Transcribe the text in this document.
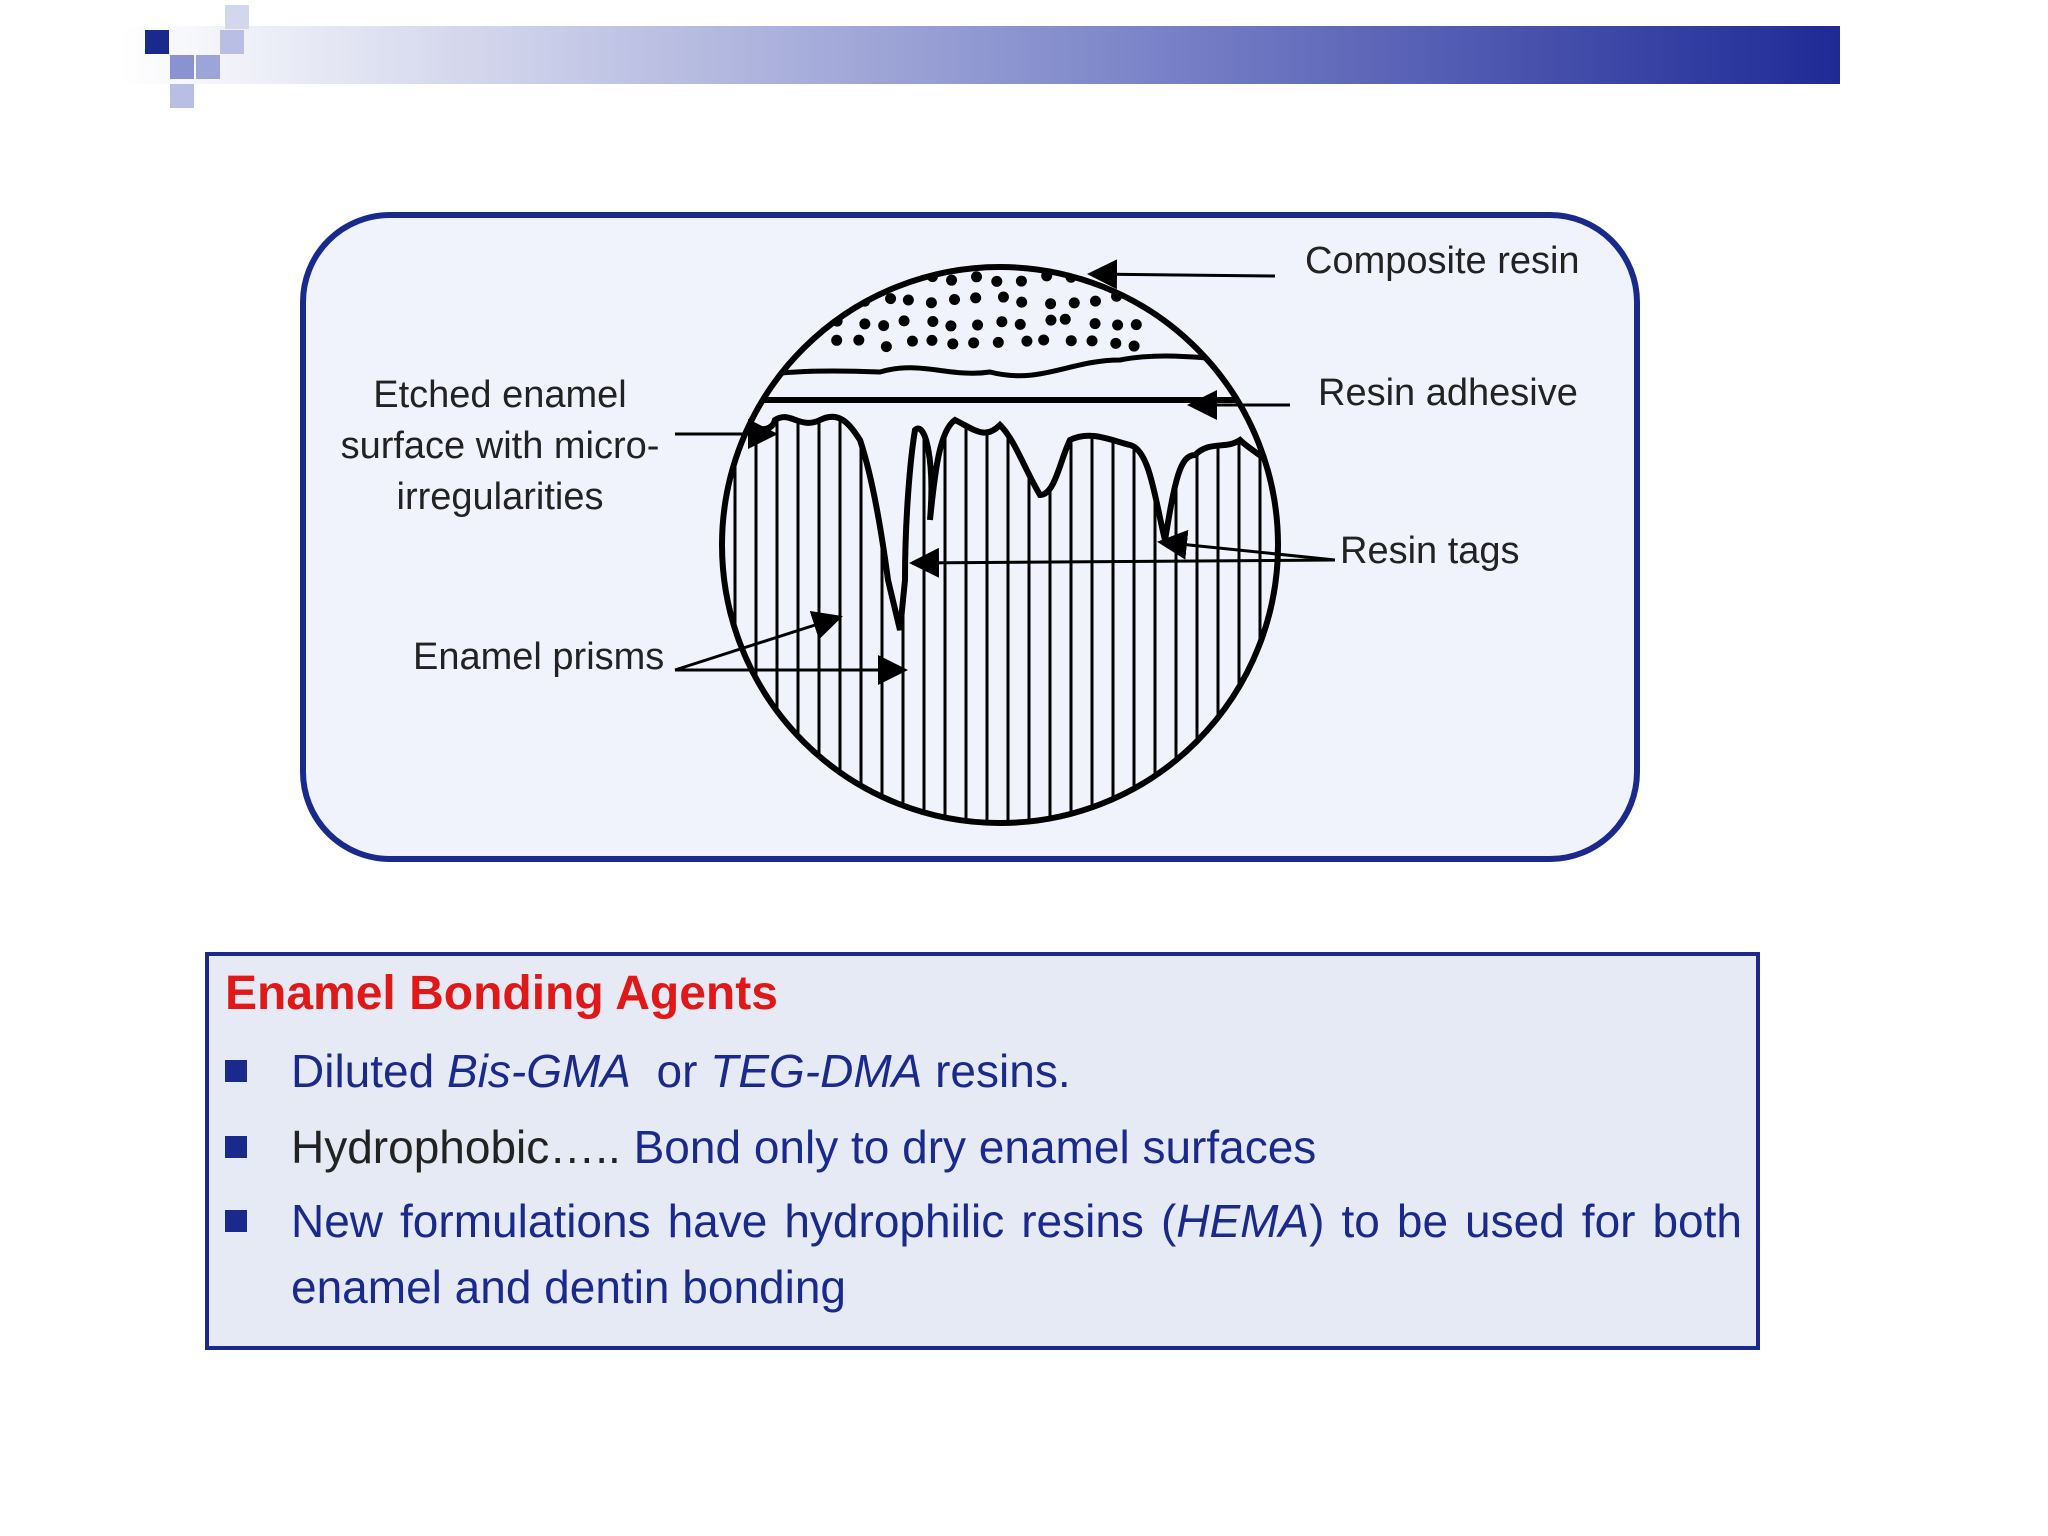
Composite resin
Resin adhesive
Etched enamel
surface with micro-
irregularities
Resin tags
Enamel prisms
Enamel Bonding Agents
Diluted Bis-GMA  or TEG-DMA resins.
Hydrophobic….. Bond only to dry enamel surfaces
New formulations have hydrophilic resins (HEMA) to be used for both enamel and dentin bonding
